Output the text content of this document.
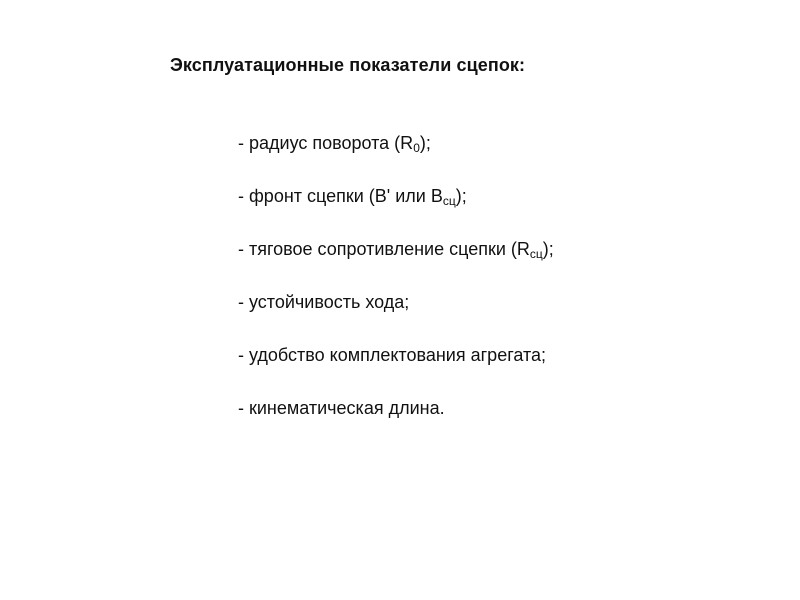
Эксплуатационные показатели сцепок:
- радиус поворота $(R_0)$;
- фронт сцепки (B' или $B_{сц}$);
- тяговое сопротивление сцепки $(R_{сц})$;
- устойчивость хода;
- удобство комплектования агрегата;
- кинематическая длина.
